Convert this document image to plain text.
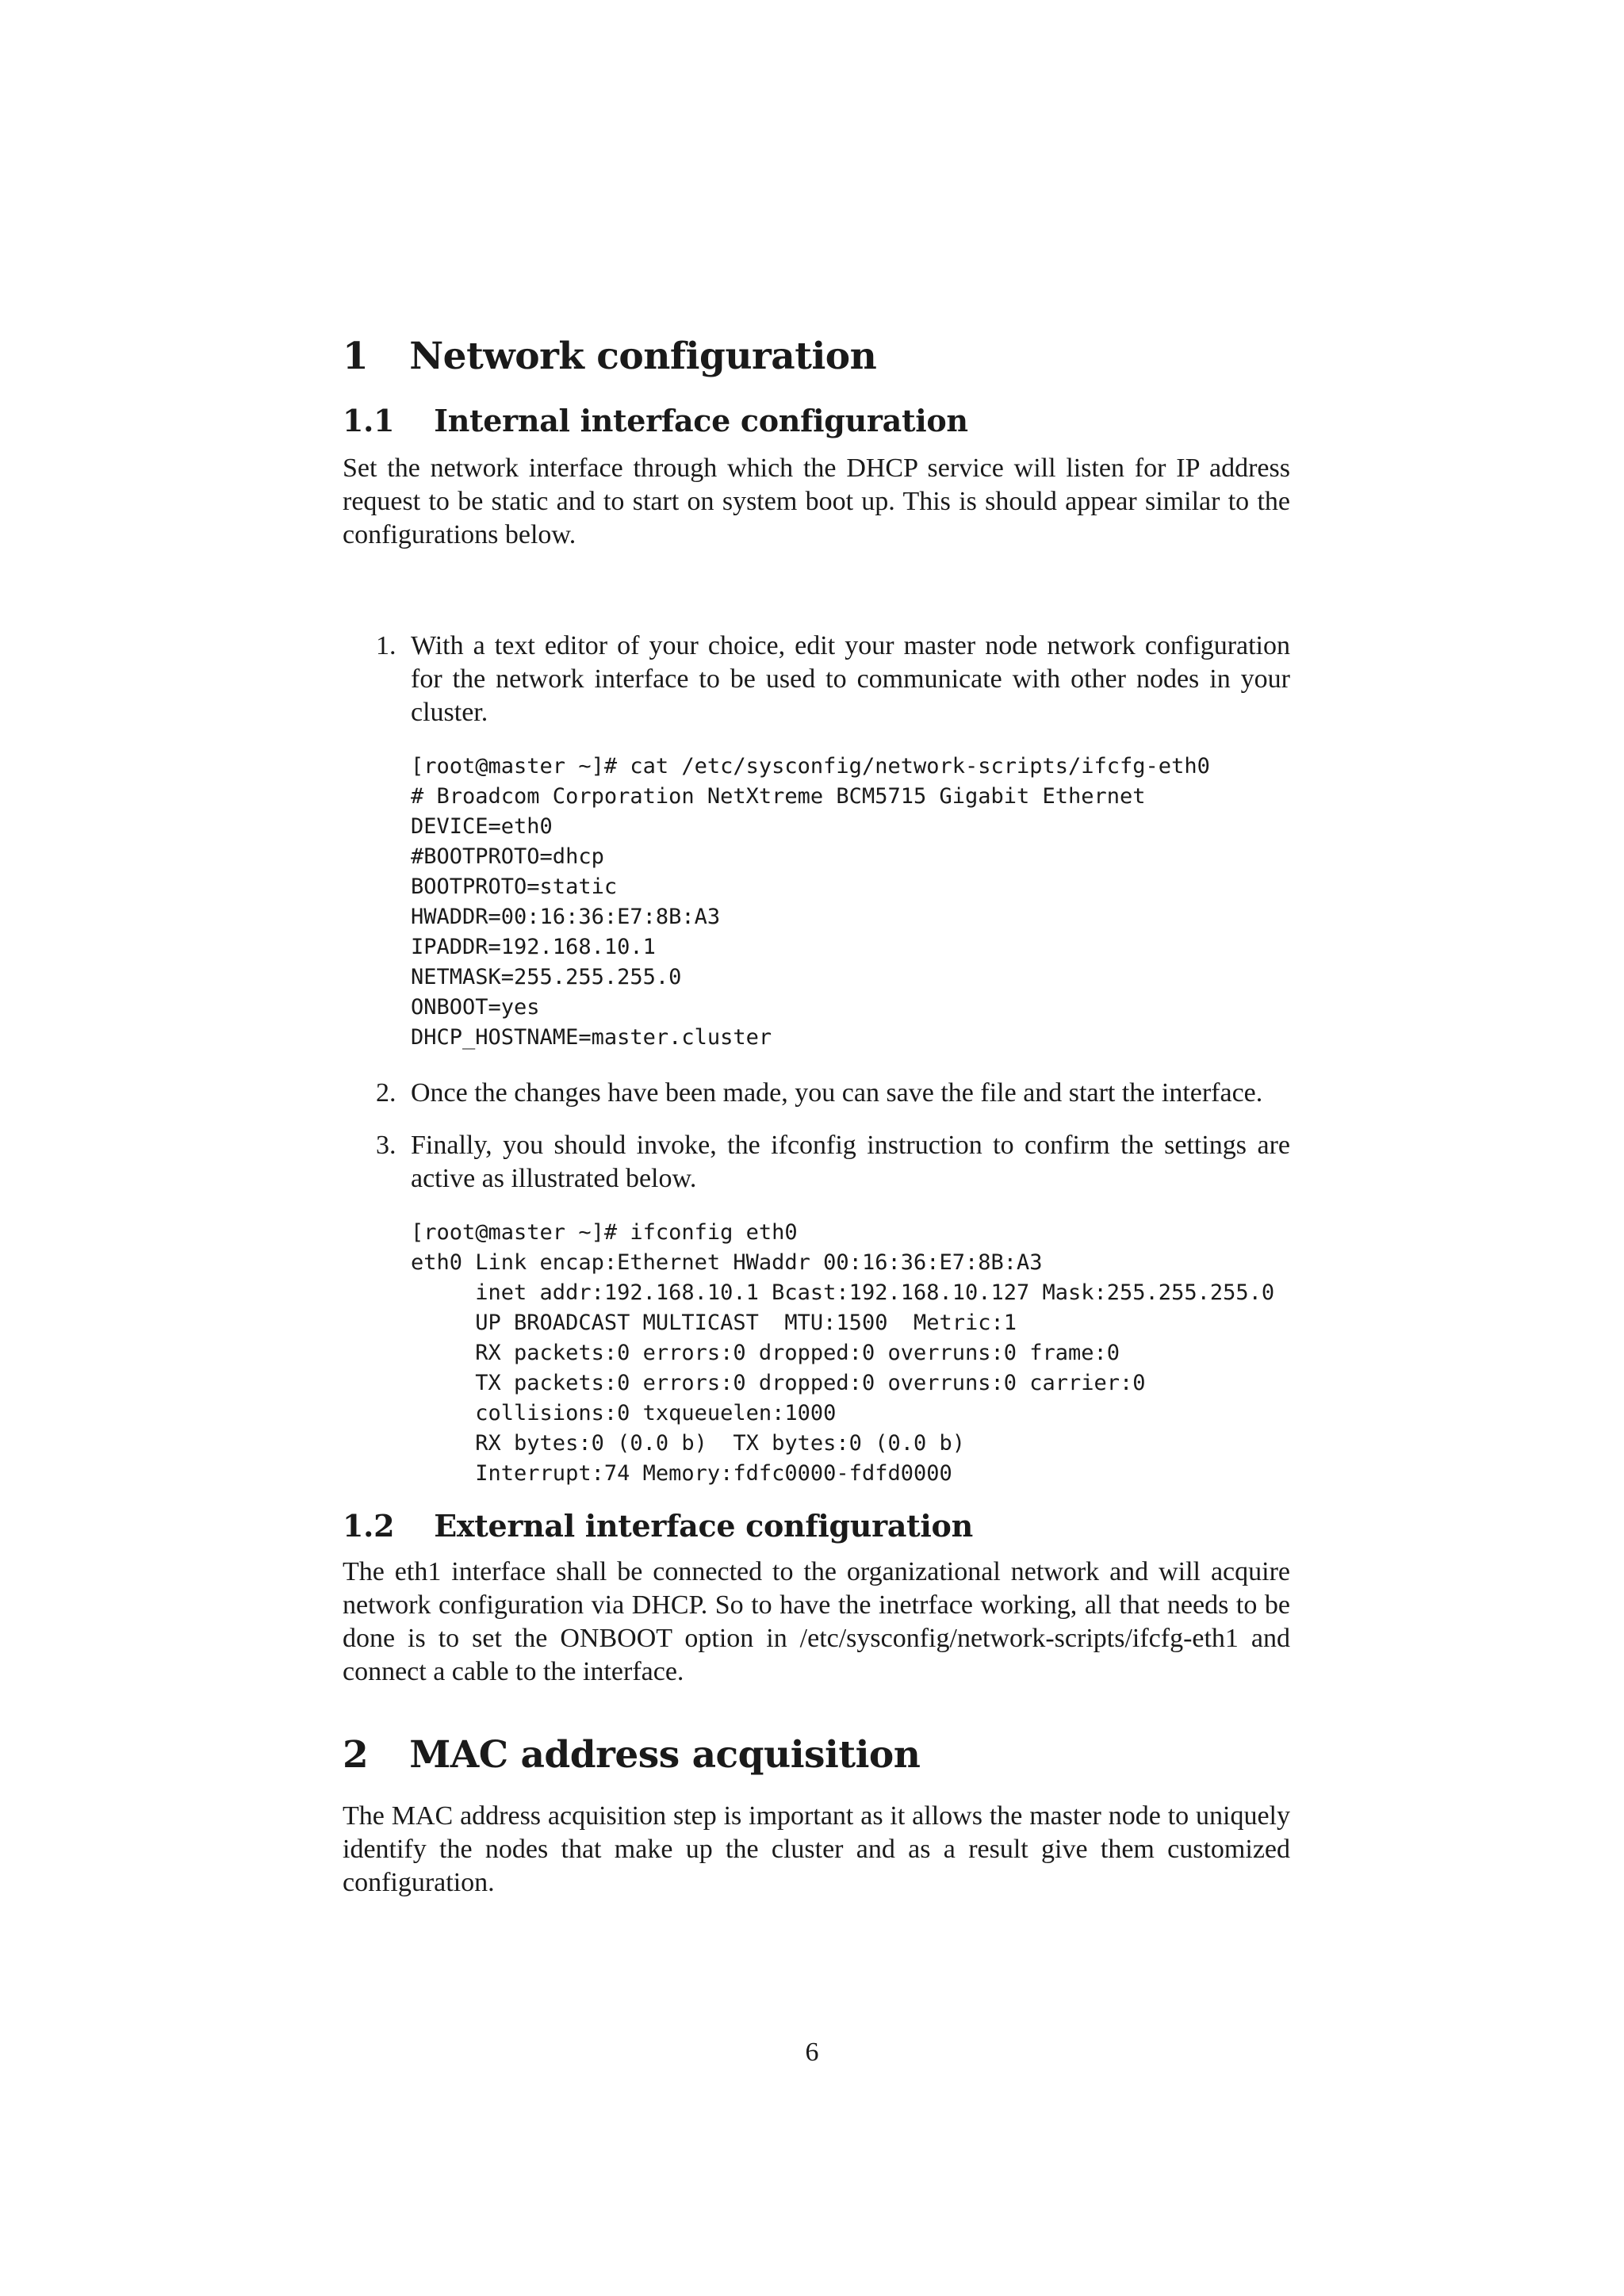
1 Network configuration
1.1 Internal interface configuration

Set the network interface through which the DHCP service will listen for IP address request to be static and to start on system boot up. This is should appear similar to the configurations below.

1. With a text editor of your choice, edit your master node network configuration for the network interface to be used to communicate with other nodes in your cluster.

[root@master ~]# cat /etc/sysconfig/network-scripts/ifcfg-eth0
# Broadcom Corporation NetXtreme BCM5715 Gigabit Ethernet
DEVICE=eth0
#BOOTPROTO=dhcp
BOOTPROTO=static
HWADDR=00:16:36:E7:8B:A3
IPADDR=192.168.10.1
NETMASK=255.255.255.0
ONBOOT=yes
DHCP_HOSTNAME=master.cluster
2. Once the changes have been made, you can save the file and start the interface.

3. Finally, you should invoke, the ifconfig instruction to confirm the settings are active as illustrated below.

[root@master ~]# ifconfig eth0
eth0 Link encap:Ethernet HWaddr 00:16:36:E7:8B:A3
inet addr:192.168.10.1 Bcast:192.168.10.127 Mask:255.255.255.0
UP BROADCAST MULTICAST  MTU:1500  Metric:1
RX packets:0 errors:0 dropped:0 overruns:0 frame:0
TX packets:0 errors:0 dropped:0 overruns:0 carrier:0
collisions:0 txqueuelen:1000
RX bytes:0 (0.0 b)  TX bytes:0 (0.0 b)
Interrupt:74 Memory:fdfc0000-fdfd0000
1.2 External interface configuration

The eth1 interface shall be connected to the organizational network and will acquire network configuration via DHCP. So to have the inetrface working, all that needs to be done is to set the ONBOOT option in /etc/sysconfig/network-scripts/ifcfg-eth1 and connect a cable to the interface.

2 MAC address acquisition

The MAC address acquisition step is important as it allows the master node to uniquely identify the nodes that make up the cluster and as a result give them customized configuration.

6
